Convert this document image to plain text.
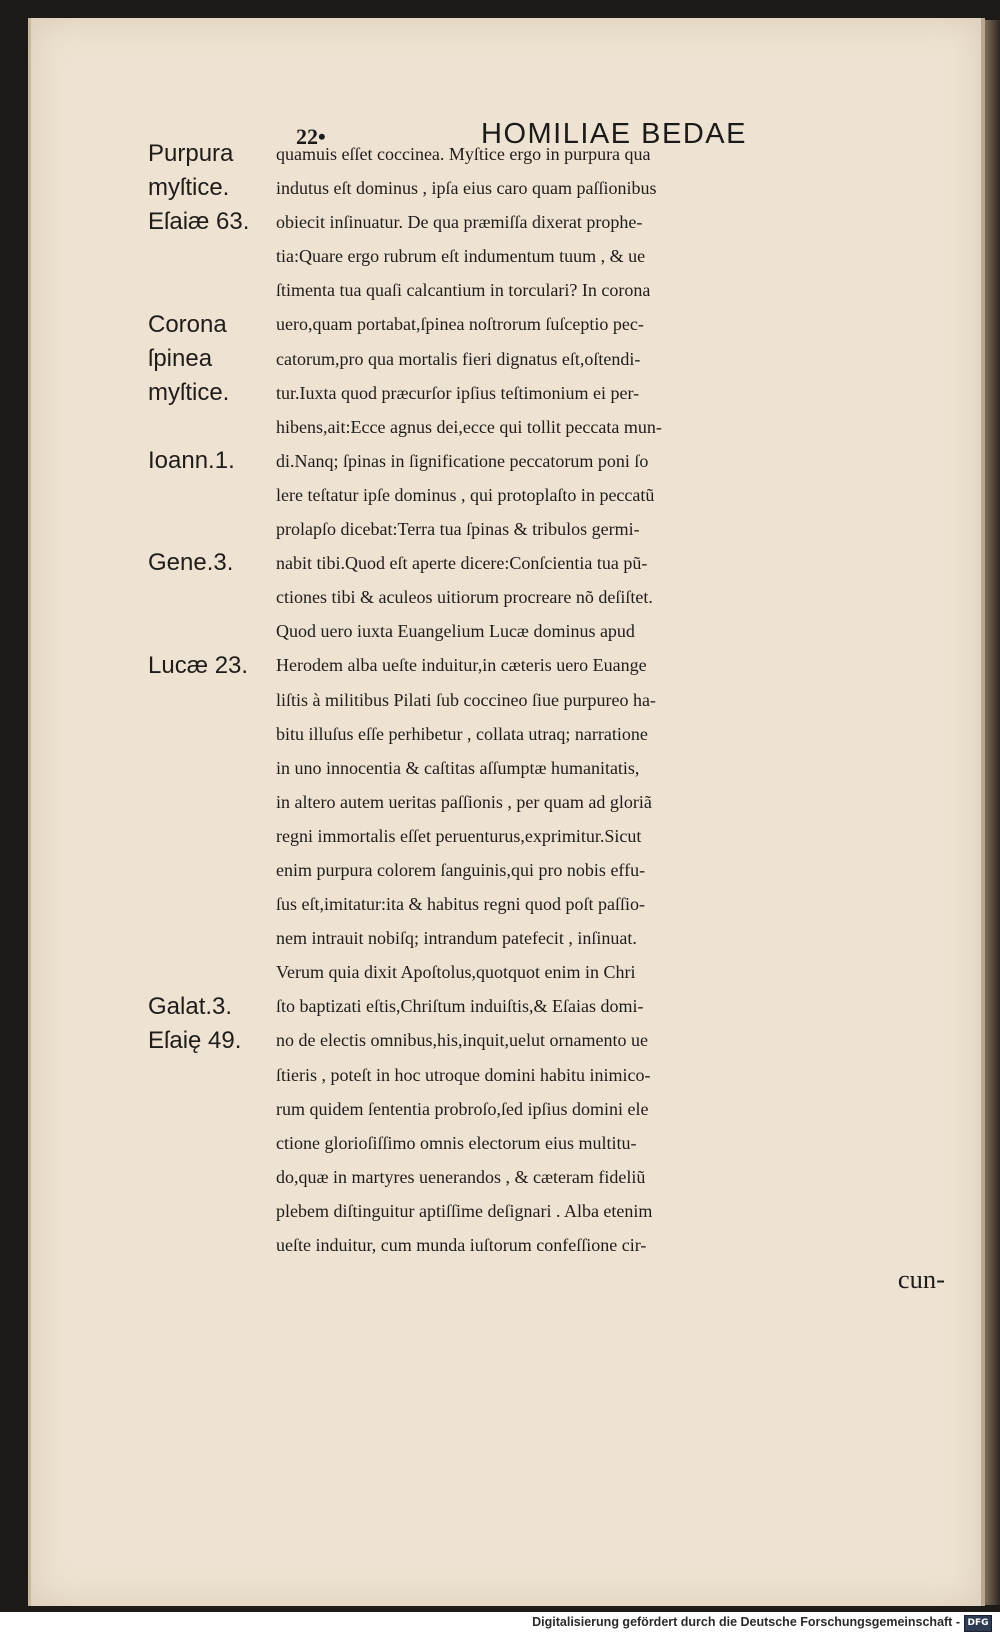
22•	HOMILIAE BEDAE
Purpura
myſtice.
Eſaiæ 63.
Corona
ſpinea
myſtice.
Ioann.1.
Gene.3.
Lucæ 23.
Galat.3.
Eſaię 49.
quamuis eſſet coccinea. Myſtice ergo in purpura qua
indutus eſt dominus , ipſa eius caro quam paſſionibus
obiecit inſinuatur. De qua præmiſſa dixerat prophe-
tia:Quare ergo rubrum eſt indumentum tuum , & ue
ſtimenta tua quaſi calcantium in torculari? In corona
uero,quam portabat,ſpinea noſtrorum ſuſceptio pec-
catorum,pro qua mortalis fieri dignatus eſt,oſtendi-
tur.Iuxta quod præcurſor ipſius teſtimonium ei per-
hibens,ait:Ecce agnus dei,ecce qui tollit peccata mun-
di.Nanq; ſpinas in ſignificatione peccatorum poni ſo
lere teſtatur ipſe dominus , qui protoplaſto in peccatũ
prolapſo dicebat:Terra tua ſpinas & tribulos germi-
nabit tibi.Quod eſt aperte dicere:Conſcientia tua pũ-
ctiones tibi & aculeos uitiorum procreare nõ deſiſtet.
Quod uero iuxta Euangelium Lucæ dominus apud
Herodem alba ueſte induitur,in cæteris uero Euange
liſtis à militibus Pilati ſub coccineo ſiue purpureo ha-
bitu illuſus eſſe perhibetur , collata utraq; narratione
in uno innocentia & caſtitas aſſumptæ humanitatis,
in altero autem ueritas paſſionis , per quam ad gloriã
regni immortalis eſſet peruenturus,exprimitur.Sicut
enim purpura colorem ſanguinis,qui pro nobis effu-
ſus eſt,imitatur:ita & habitus regni quod poſt paſſio-
nem intrauit nobiſq; intrandum patefecit , inſinuat.
Verum quia dixit Apoſtolus,quotquot enim in Chri
ſto baptizati eſtis,Chriſtum induiſtis,& Eſaias domi-
no de electis omnibus,his,inquit,uelut ornamento ue
ſtieris , poteſt in hoc utroque domini habitu inimico-
rum quidem ſententia probroſo,ſed ipſius domini ele
ctione glorioſiſſimo omnis electorum eius multitu-
do,quæ in martyres uenerandos , & cæteram fideliũ
plebem diſtinguitur aptiſſime deſignari . Alba etenim
ueſte induitur, cum munda iuſtorum confeſſione cir-
cun-
Digitalisierung gefördert durch die Deutsche Forschungsgemeinschaft - DFG
